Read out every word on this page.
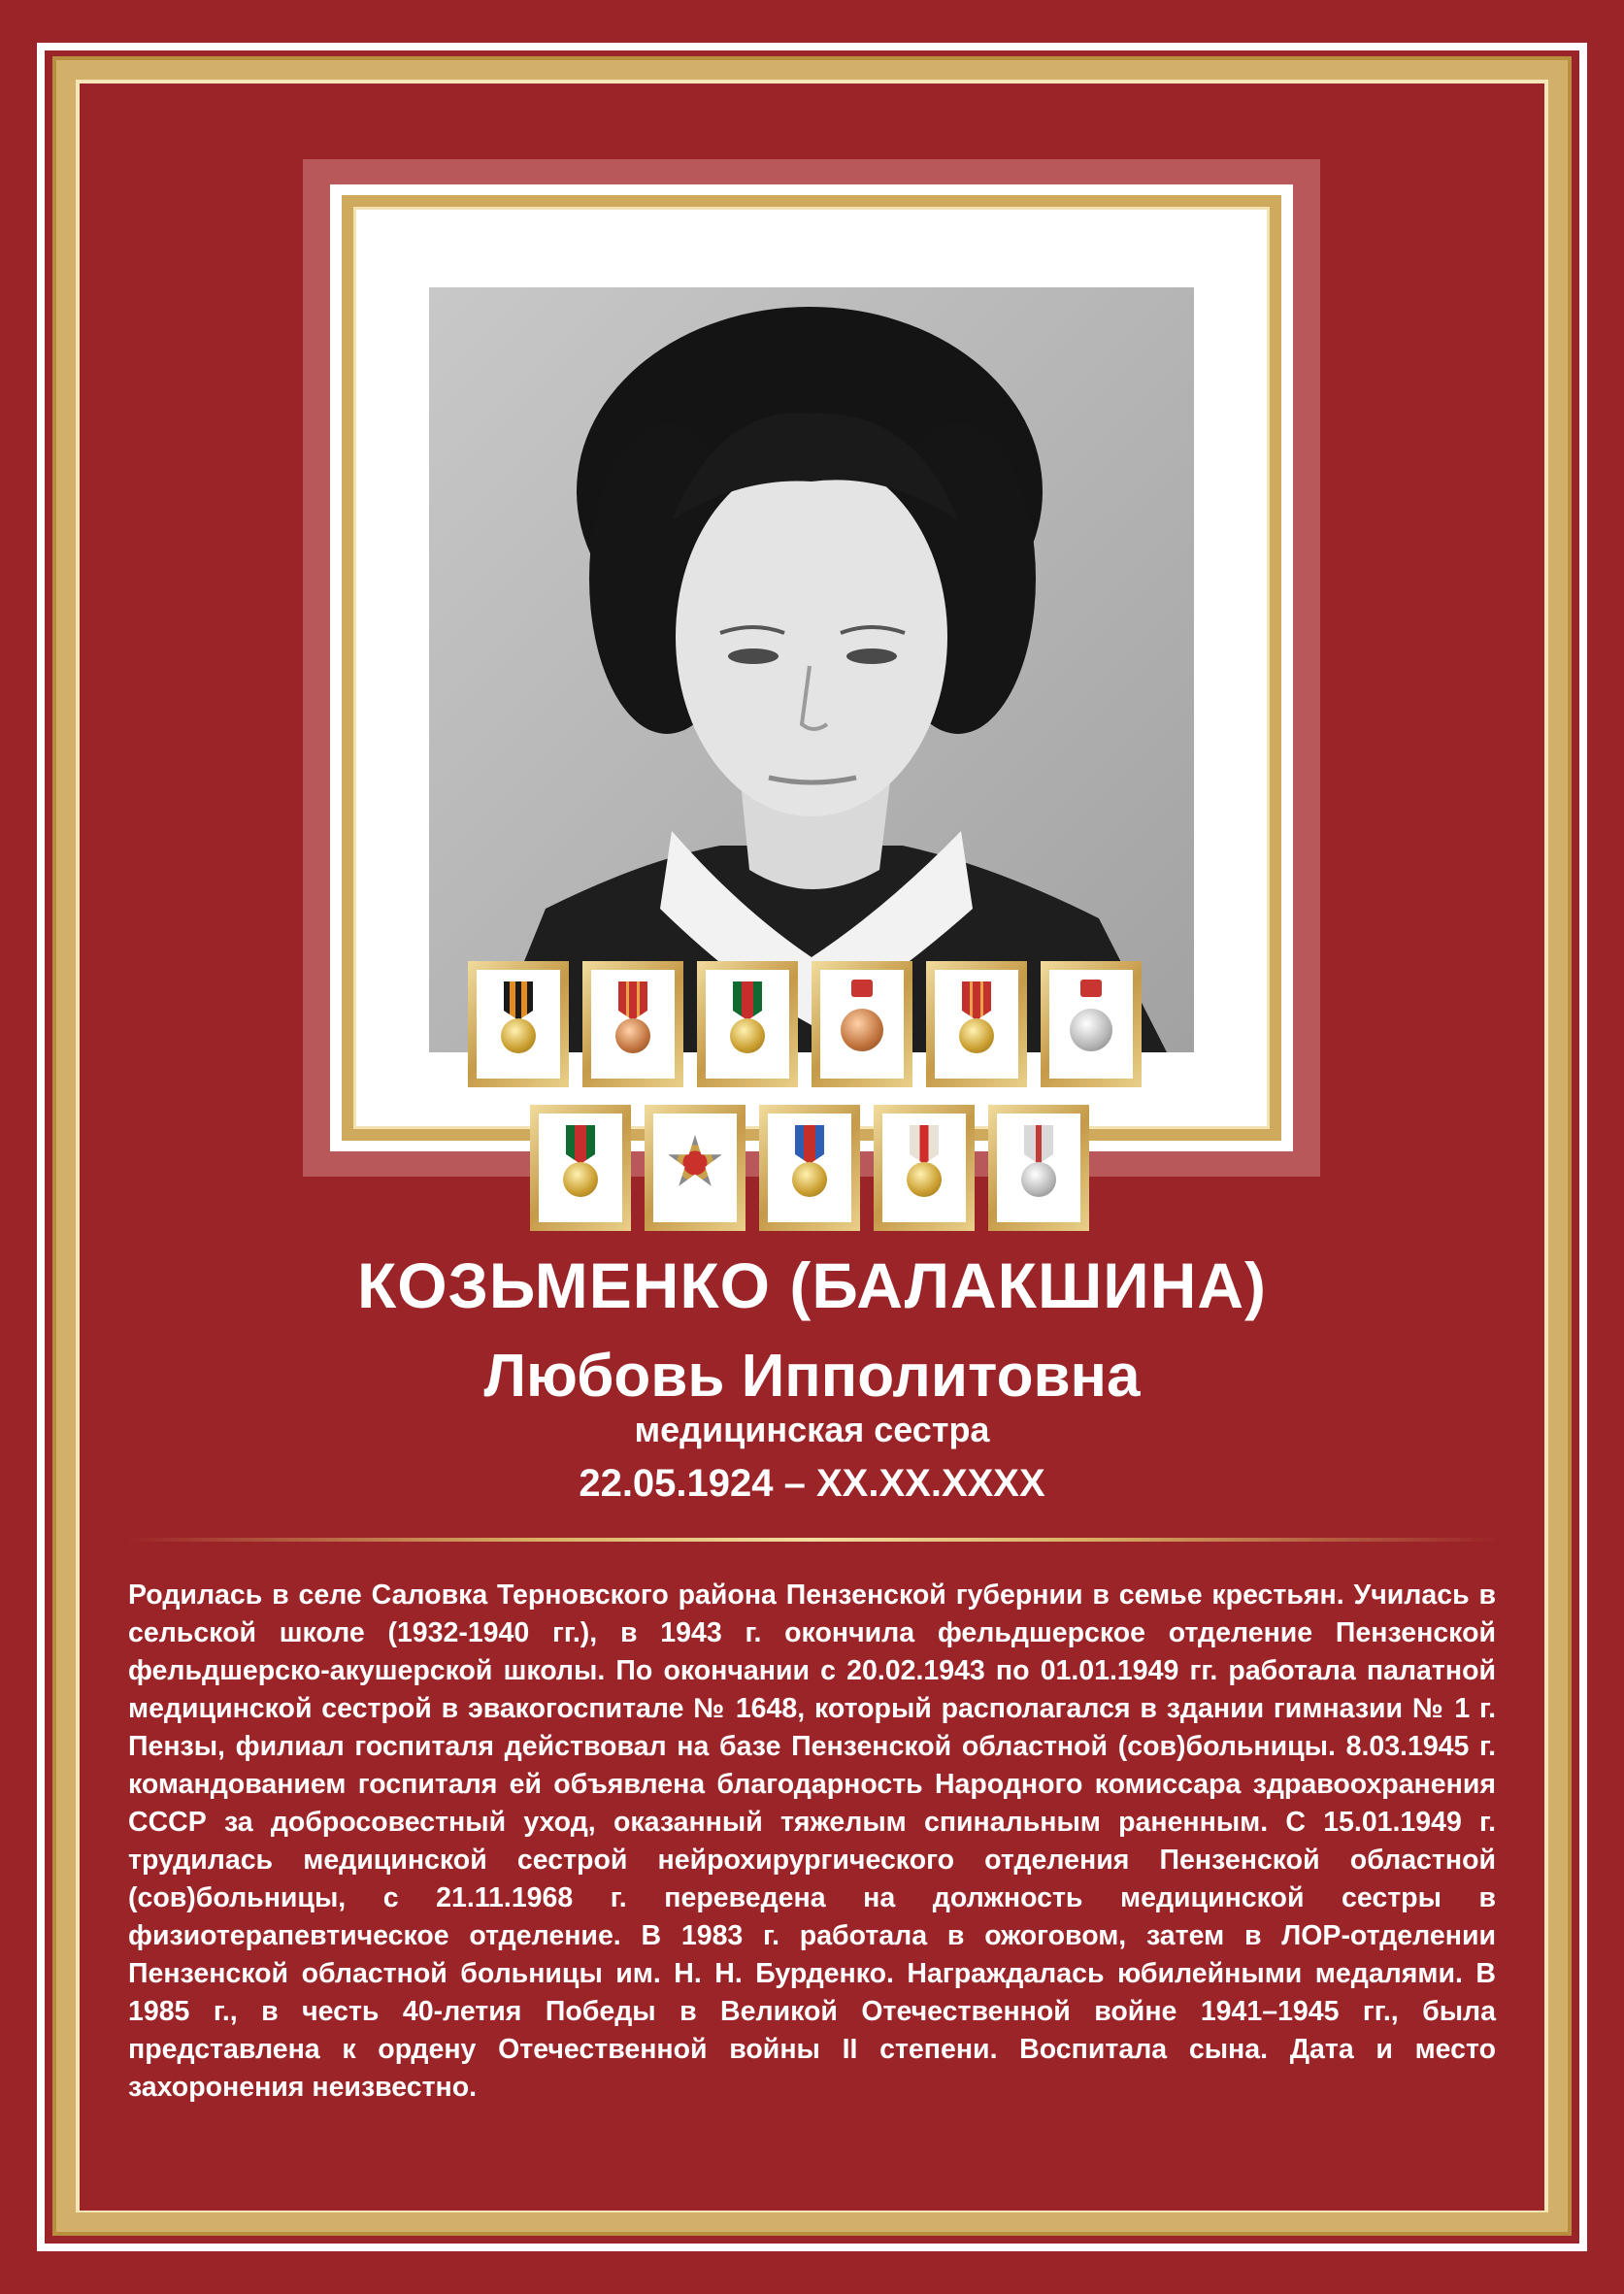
КОЗЬМЕНКО (БАЛАКШИНА)
Любовь Ипполитовна
медицинская сестра
22.05.1924 – XX.XX.XXXX

Родилась в селе Саловка Терновского района Пензенской губернии в семье крестьян. Училась в сельской школе (1932-1940 гг.), в 1943 г. окончила фельдшерское отделение Пензенской фельдшерско-акушерской школы. По окончании с 20.02.1943 по 01.01.1949 гг. работала палатной медицинской сестрой в эвакогоспитале № 1648, который располагался в здании гимназии № 1 г. Пензы, филиал госпиталя действовал на базе Пензенской областной (сов)больницы. 8.03.1945 г. командованием госпиталя ей объявлена благодарность Народного комиссара здравоохранения СССР за добросовестный уход, оказанный тяжелым спинальным раненным. С 15.01.1949 г. трудилась медицинской сестрой нейрохирургического отделения Пензенской областной (сов)больницы, с 21.11.1968 г. переведена на должность медицинской сестры в физиотерапевтическое отделение. В 1983 г. работала в ожоговом, затем в ЛОР-отделении Пензенской областной больницы им. Н. Н. Бурденко. Награждалась юбилейными медалями. В 1985 г., в честь 40-летия Победы в Великой Отечественной войне 1941–1945 гг., была представлена к ордену Отечественной войны II степени. Воспитала сына. Дата и место захоронения неизвестно.
